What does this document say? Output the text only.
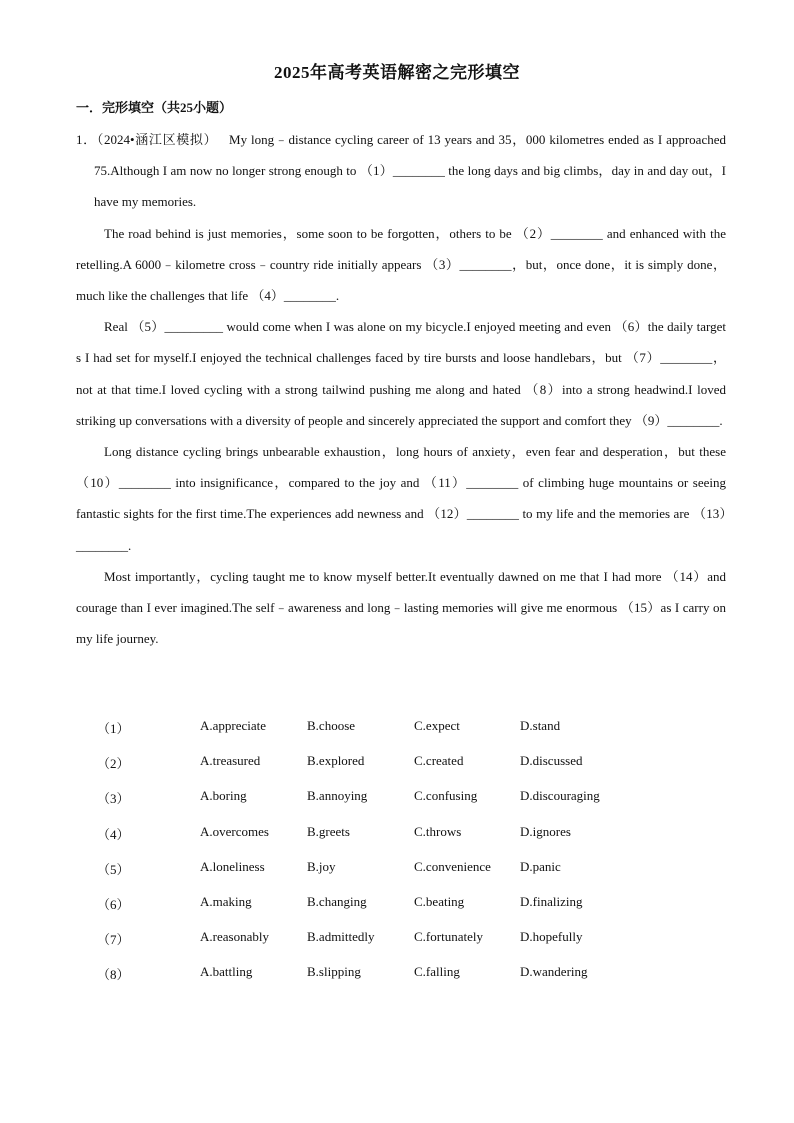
2025年高考英语解密之完形填空
一．完形填空（共25小题）

1．（2024•涵江区模拟） My long﹣distance cycling career of 13 years and 35，000 kilometres ended as I approached 75.Although I am now no longer strong enough to （1）________ the long days and big climbs，day in and day out，I have my memories.

The road behind is just memories，some soon to be forgotten，others to be （2）________ and enhanced with the retelling.A 6000﹣kilometre cross﹣country ride initially appears （3）________，but，once done，it is simply done，much like the challenges that life （4）________.

Real （5）_________ would come when I was alone on my bicycle.I enjoyed meeting and even （6）the daily target s I had set for myself.I enjoyed the technical challenges faced by tire bursts and loose handlebars，but （7）________，not at that time.I loved cycling with a strong tailwind pushing me along and hated （8）into a strong headwind.I loved striking up conversations with a diversity of people and sincerely appreciated the support and comfort they （9）________.

Long distance cycling brings unbearable exhaustion，long hours of anxiety，even fear and desperation，but these （10）________ into insignificance，compared to the joy and （11）________ of climbing huge mountains or seeing fantastic sights for the first time.The experiences add newness and （12）________ to my life and the memories are （13）________.

Most importantly，cycling taught me to know myself better.It eventually dawned on me that I had more （14）and courage than I ever imagined.The self﹣awareness and long﹣lasting memories will give me enormous （15）as I carry on my life journey.

（1）	A.appreciate	B.choose	C.expect	D.stand
（2）	A.treasured	B.explored	C.created	D.discussed
（3）	A.boring	B.annoying	C.confusing	D.discouraging
（4）	A.overcomes	B.greets	C.throws	D.ignores
（5）	A.loneliness	B.joy	C.convenience D.panic
（6）	A.making	B.changing	C.beating	D.finalizing
（7）	A.reasonably	B.admittedly	C.fortunately	D.hopefully
（8）	A.battling	B.slipping	C.falling	D.wandering
